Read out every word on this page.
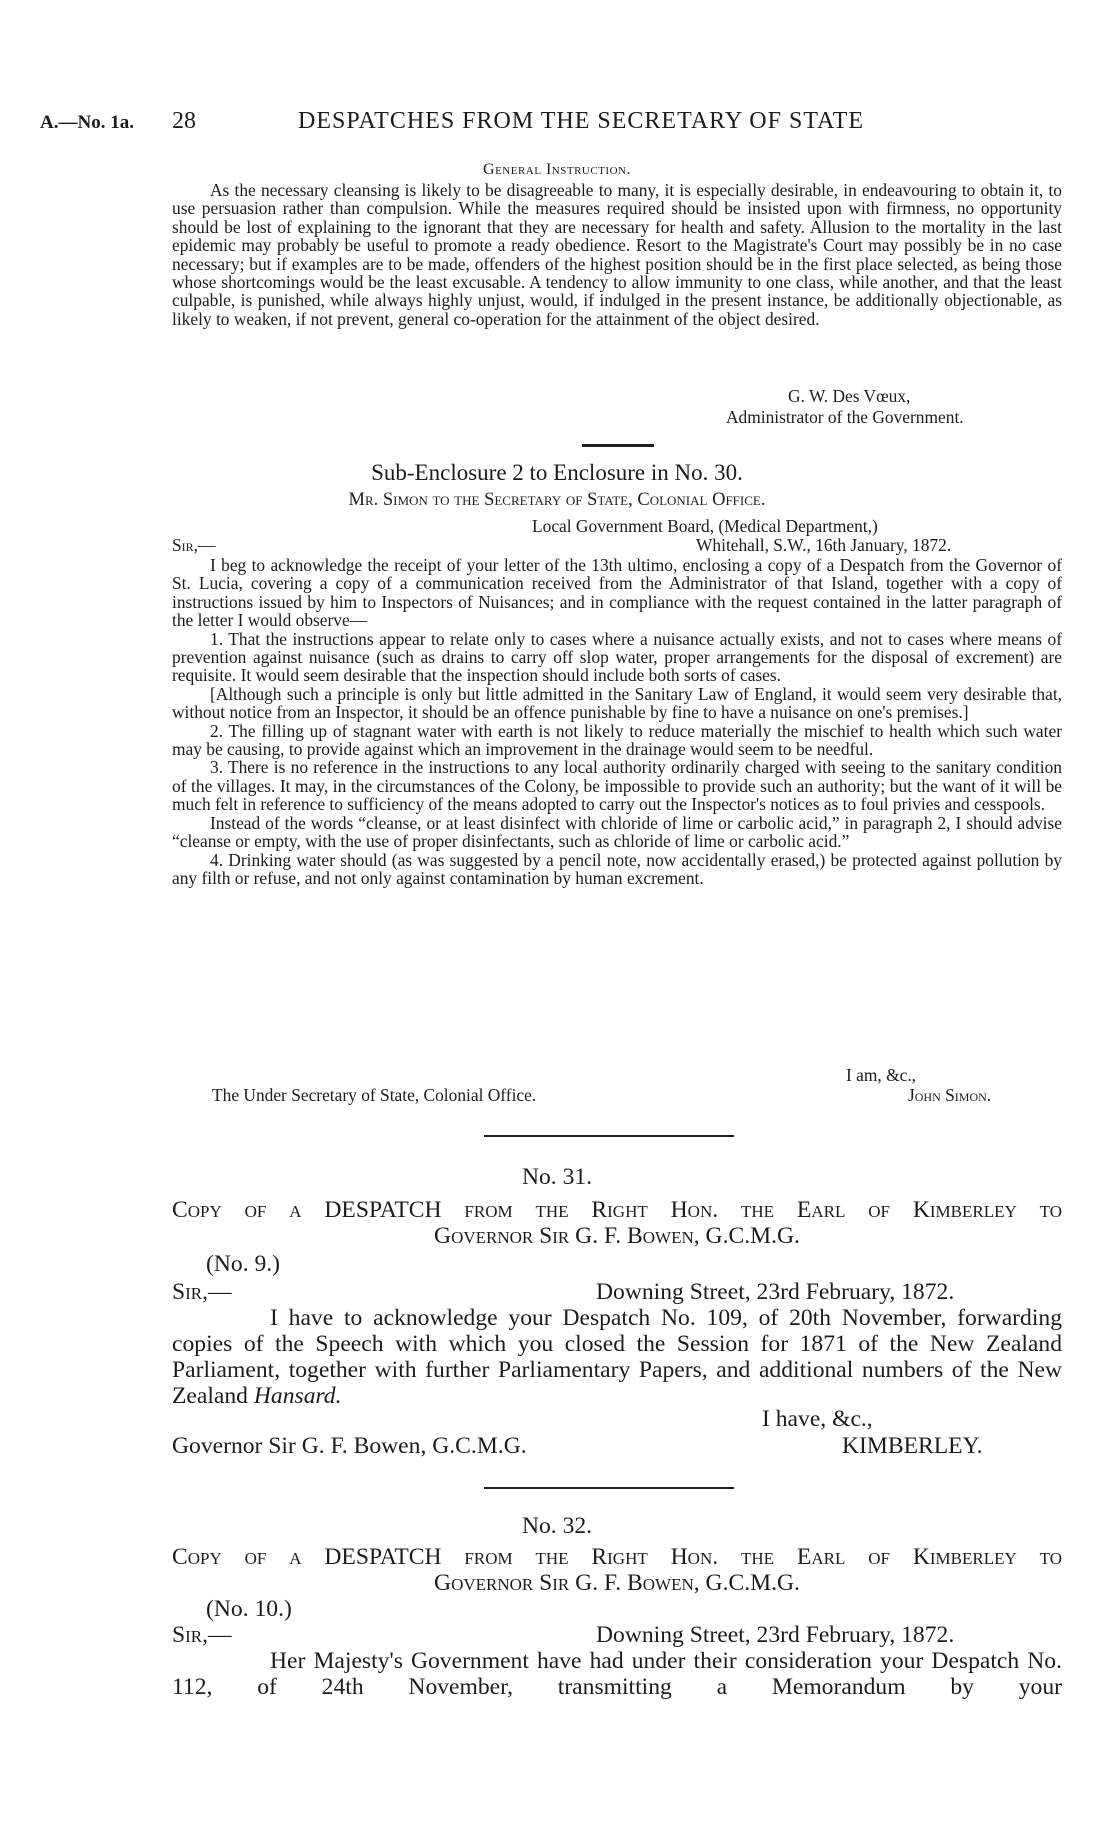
A.—No. 1a. 28	DESPATCHES FROM THE SECRETARY OF STATE
General Instruction.

As the necessary cleansing is likely to be disagreeable to many, it is especially desirable, in endeavouring to obtain it, to use persuasion rather than compulsion. While the measures required should be insisted upon with firmness, no opportunity should be lost of explaining to the ignorant that they are necessary for health and safety. Allusion to the mortality in the last epidemic may probably be useful to promote a ready obedience. Resort to the Magistrate's Court may possibly be in no case necessary; but if examples are to be made, offenders of the highest position should be in the first place selected, as being those whose shortcomings would be the least excusable. A tendency to allow immunity to one class, while another, and that the least culpable, is punished, while always highly unjust, would, if indulged in the present instance, be additionally objectionable, as likely to weaken, if not prevent, general co-operation for the attainment of the object desired.

G. W. Des Vœux,
Administrator of the Government.
Sub-Enclosure 2 to Enclosure in No. 30.
Mr. Simon to the Secretary of State, Colonial Office.
Local Government Board, (Medical Department,)
Sir,—	Whitehall, S.W., 16th January, 1872.

I beg to acknowledge the receipt of your letter of the 13th ultimo, enclosing a copy of a Despatch from the Governor of St. Lucia, covering a copy of a communication received from the Administrator of that Island, together with a copy of instructions issued by him to Inspectors of Nuisances; and in compliance with the request contained in the latter paragraph of the letter I would observe—

1. That the instructions appear to relate only to cases where a nuisance actually exists, and not to cases where means of prevention against nuisance (such as drains to carry off slop water, proper arrangements for the disposal of excrement) are requisite. It would seem desirable that the inspection should include both sorts of cases.

[Although such a principle is only but little admitted in the Sanitary Law of England, it would seem very desirable that, without notice from an Inspector, it should be an offence punishable by fine to have a nuisance on one's premises.]

2. The filling up of stagnant water with earth is not likely to reduce materially the mischief to health which such water may be causing, to provide against which an improvement in the drainage would seem to be needful.

3. There is no reference in the instructions to any local authority ordinarily charged with seeing to the sanitary condition of the villages. It may, in the circumstances of the Colony, be impossible to provide such an authority; but the want of it will be much felt in reference to sufficiency of the means adopted to carry out the Inspector's notices as to foul privies and cesspools.

Instead of the words “cleanse, or at least disinfect with chloride of lime or carbolic acid,” in paragraph 2, I should advise “cleanse or empty, with the use of proper disinfectants, such as chloride of lime or carbolic acid.”

4. Drinking water should (as was suggested by a pencil note, now accidentally erased,) be protected against pollution by any filth or refuse, and not only against contamination by human excrement.

I am, &c.,
The Under Secretary of State, Colonial Office.	John Simon.
No. 31.

Copy of a DESPATCH from the Right Hon. the Earl of Kimberley to

Governor Sir G. F. Bowen, G.C.M.G.

(No. 9.)
Sir,—	Downing Street, 23rd February, 1872.

I have to acknowledge your Despatch No. 109, of 20th November, forwarding copies of the Speech with which you closed the Session for 1871 of the New Zealand Parliament, together with further Parliamentary Papers, and additional numbers of the New Zealand Hansard.

I have, &c.,
Governor Sir G. F. Bowen, G.C.M.G.	KIMBERLEY.
No. 32.

Copy of a DESPATCH from the Right Hon. the Earl of Kimberley to

Governor Sir G. F. Bowen, G.C.M.G.

(No. 10.)
Sir,—	Downing Street, 23rd February, 1872.

Her Majesty's Government have had under their consideration your Despatch No. 112, of 24th November, transmitting a Memorandum by your
